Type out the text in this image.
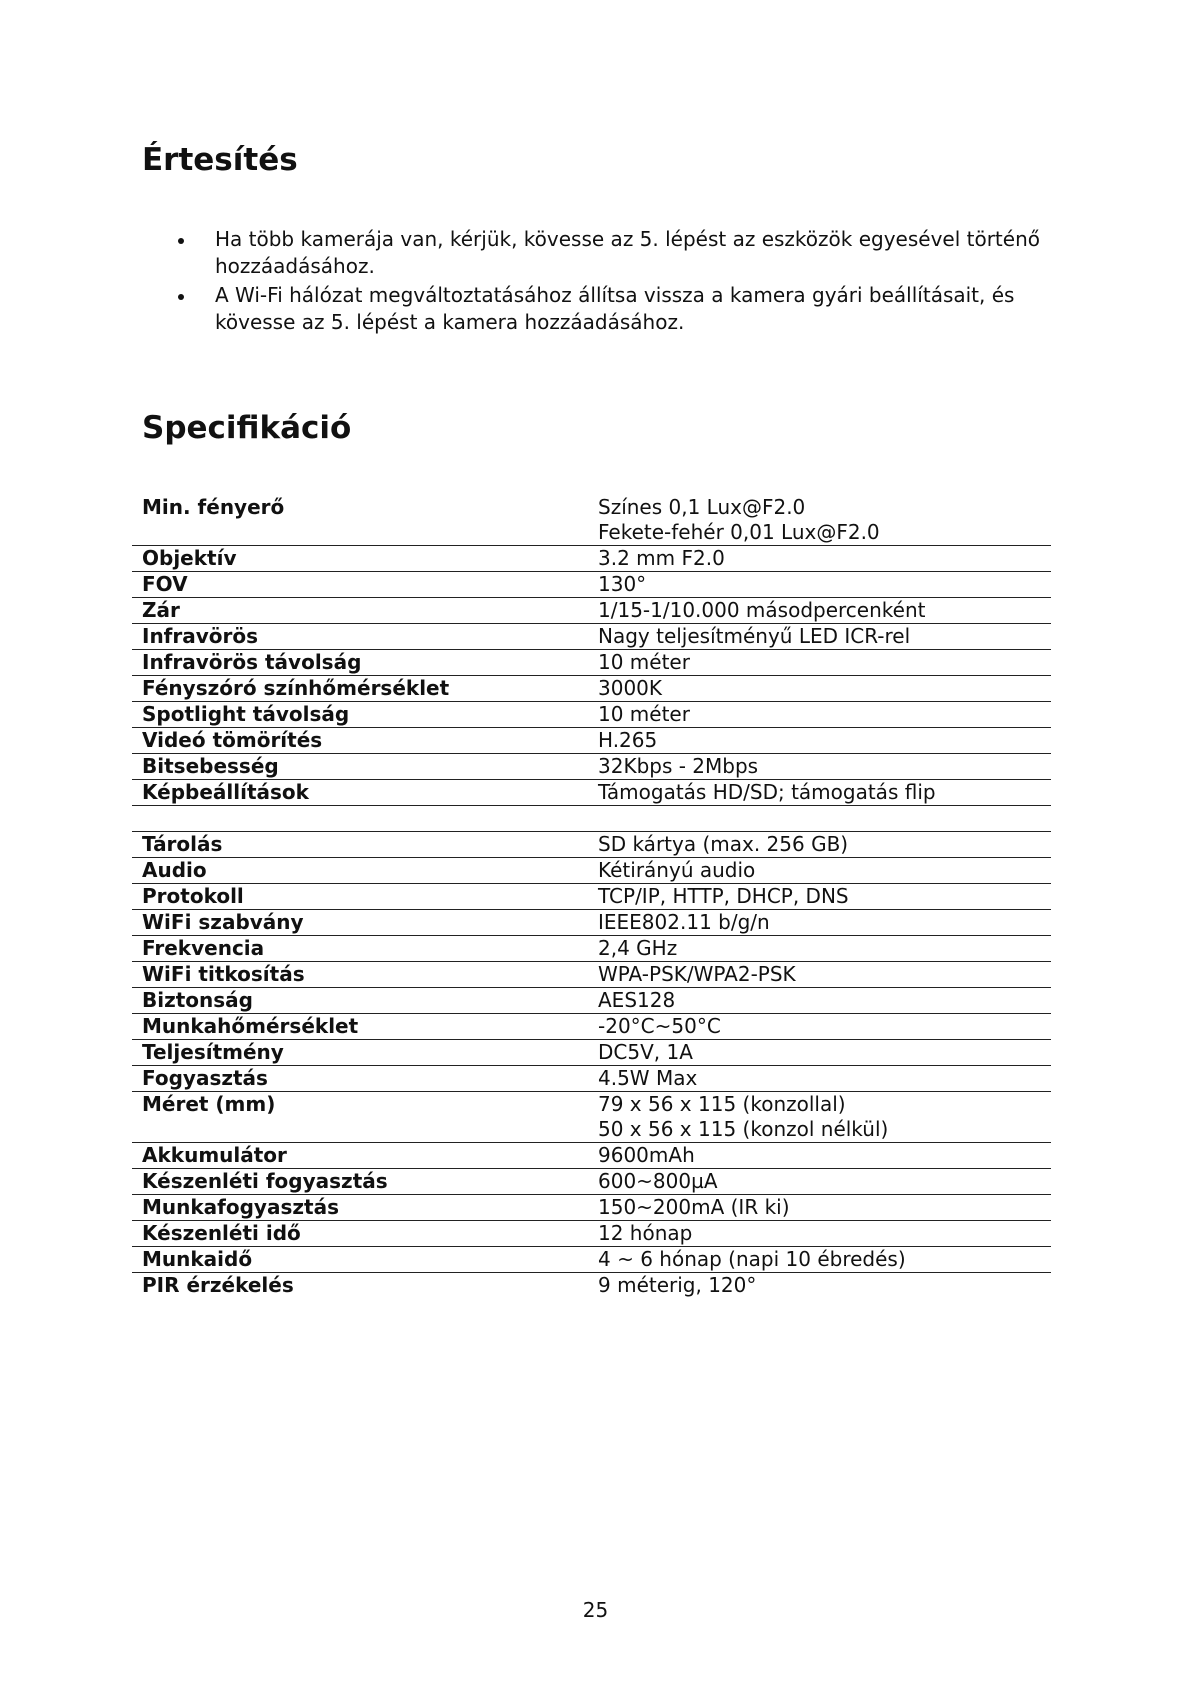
Értesítés
Ha több kamerája van, kérjük, kövesse az 5. lépést az eszközök egyesével történő hozzáadásához.
A Wi-Fi hálózat megváltoztatásához állítsa vissza a kamera gyári beállításait, és kövesse az 5. lépést a kamera hozzáadásához.
Specifikáció
Min. fényerő	Színes 0,1 Lux@F2.0
Fekete-fehér 0,01 Lux@F2.0

Objektív	3.2 mm F2.0

FOV	130°

Zár	1/15-1/10.000 másodpercenként

Infravörös	Nagy teljesítményű LED ICR-rel

Infravörös távolság	10 méter

Fényszóró színhőmérséklet	3000K

Spotlight távolság	10 méter

Videó tömörítés	H.265

Bitsebesség	32Kbps - 2Mbps

Képbeállítások	Támogatás HD/SD; támogatás flip

Tárolás	SD kártya (max. 256 GB)

Audio	Kétirányú audio

Protokoll	TCP/IP, HTTP, DHCP, DNS

WiFi szabvány	IEEE802.11 b/g/n

Frekvencia	2,4 GHz

WiFi titkosítás	WPA-PSK/WPA2-PSK

Biztonság	AES128

Munkahőmérséklet	-20°C~50°C

Teljesítmény	DC5V, 1A

Fogyasztás	4.5W Max

Méret (mm)	79 x 56 x 115 (konzollal)
50 x 56 x 115 (konzol nélkül)

Akkumulátor	9600mAh

Készenléti fogyasztás	600~800µA

Munkafogyasztás	150~200mA (IR ki)

Készenléti idő	12 hónap

Munkaidő	4 ~ 6 hónap (napi 10 ébredés)

PIR érzékelés	9 méterig, 120°
25
